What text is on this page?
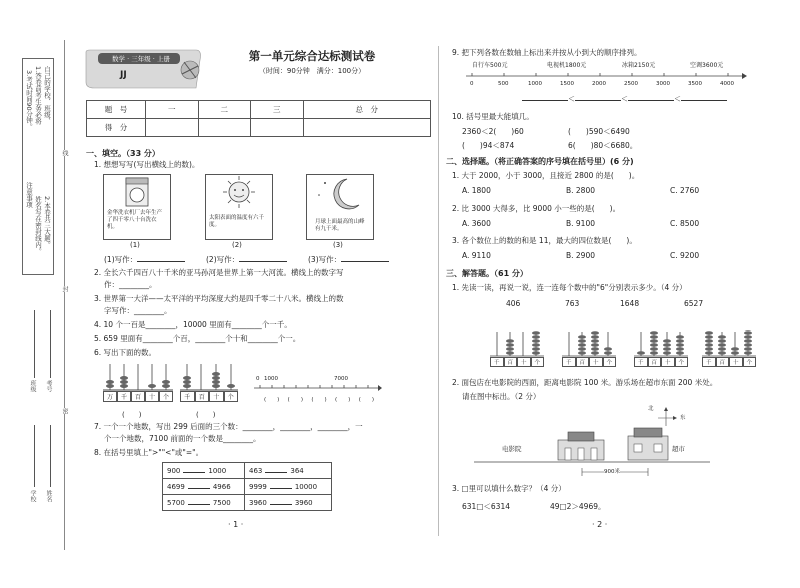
注意事项
1.答卷前考生务必将 自己的学校、班级、
姓名写在密封线内。 2.本卷共三大题。
3.考试时间90分钟。
线
封
密
班级 考号
学校 姓名
数学 · 三年级 · 上册
JJ
第一单元综合达标测试卷
（时间：90分钟　满分：100分）
题　号	一	二	三	总　分
得　分				
一、填空。（33 分）
1. 想想写写(写出横线上的数)。
金华洗衣机厂去年生产了四千零八十台洗衣机。
太阳表面的温度有六千度。	月球上面最高的山峰有九千米。
(1)	(2)	(3)
(1)写作：	(2)写作：	(3)写作：
2. 全长六千四百八十千米的亚马孙河是世界上第一大河流。横线上的数字写
作：________。
3. 世界第一大洋——太平洋的平均深度大约是四千零二十八米。横线上的数
字写作：________。
4. 10 个一百是________，10000 里面有________个一千。
5. 659 里面有________个百，________个十和________个一。
6. 写出下面的数。
万	千	百	十	个	千	百	十	个
0 1000	7000
(　　) (　　) (　　) (　　) (　　)
(　　)	(　　)
7. 一个一个地数，写出 299 后面的三个数：________，________，________，一
个一个地数，7100 前面的一个数是________。
8. 在括号里填上">""<"或"="。
900 1000	463 364
4699 4966	9999 10000
5700 7500	3960 3960
· 1 ·
9. 把下列各数在数轴上标出来并按从小到大的顺序排列。
自行车500元	电视机1800元	冰箱2150元	空调3600元
0	500	1000	1500	2000	2500	3000	3500	4000
＜	＜	＜
10. 括号里最大能填几。
2360＜2(　　)60	(　　)590＜6490
(　　)94＜874	6(　　)80＜6680。
二、选择题。（将正确答案的序号填在括号里）(6 分)
1. 大于 2000，小于 3000，且接近 2800 的是(　　)。
A. 1800	B. 2800	C. 2760
2. 比 3000 大得多，比 9000 小一些的是(　　)。
A. 3600	B. 9100	C. 8500
3. 各个数位上的数的和是 11，最大的四位数是(　　)。
A. 9110	B. 2900	C. 9200
三、解答题。（61 分）
1. 先读一读，再说一说，连一连每个数中的"6"分别表示多少。（4 分）
406	763	1648	6527
千	百	十	个	千	百	十	个	千	百	十	个	千	百	十	个
2. 面包店在电影院的西面，距离电影院 100 米。游乐场在超市东面 200 米处。
请在图中标出。（2 分）
电影院	超市
900米
北
东
3. □里可以填什么数字？（4 分）
631□＜6314	49□2＞4969。
· 2 ·
